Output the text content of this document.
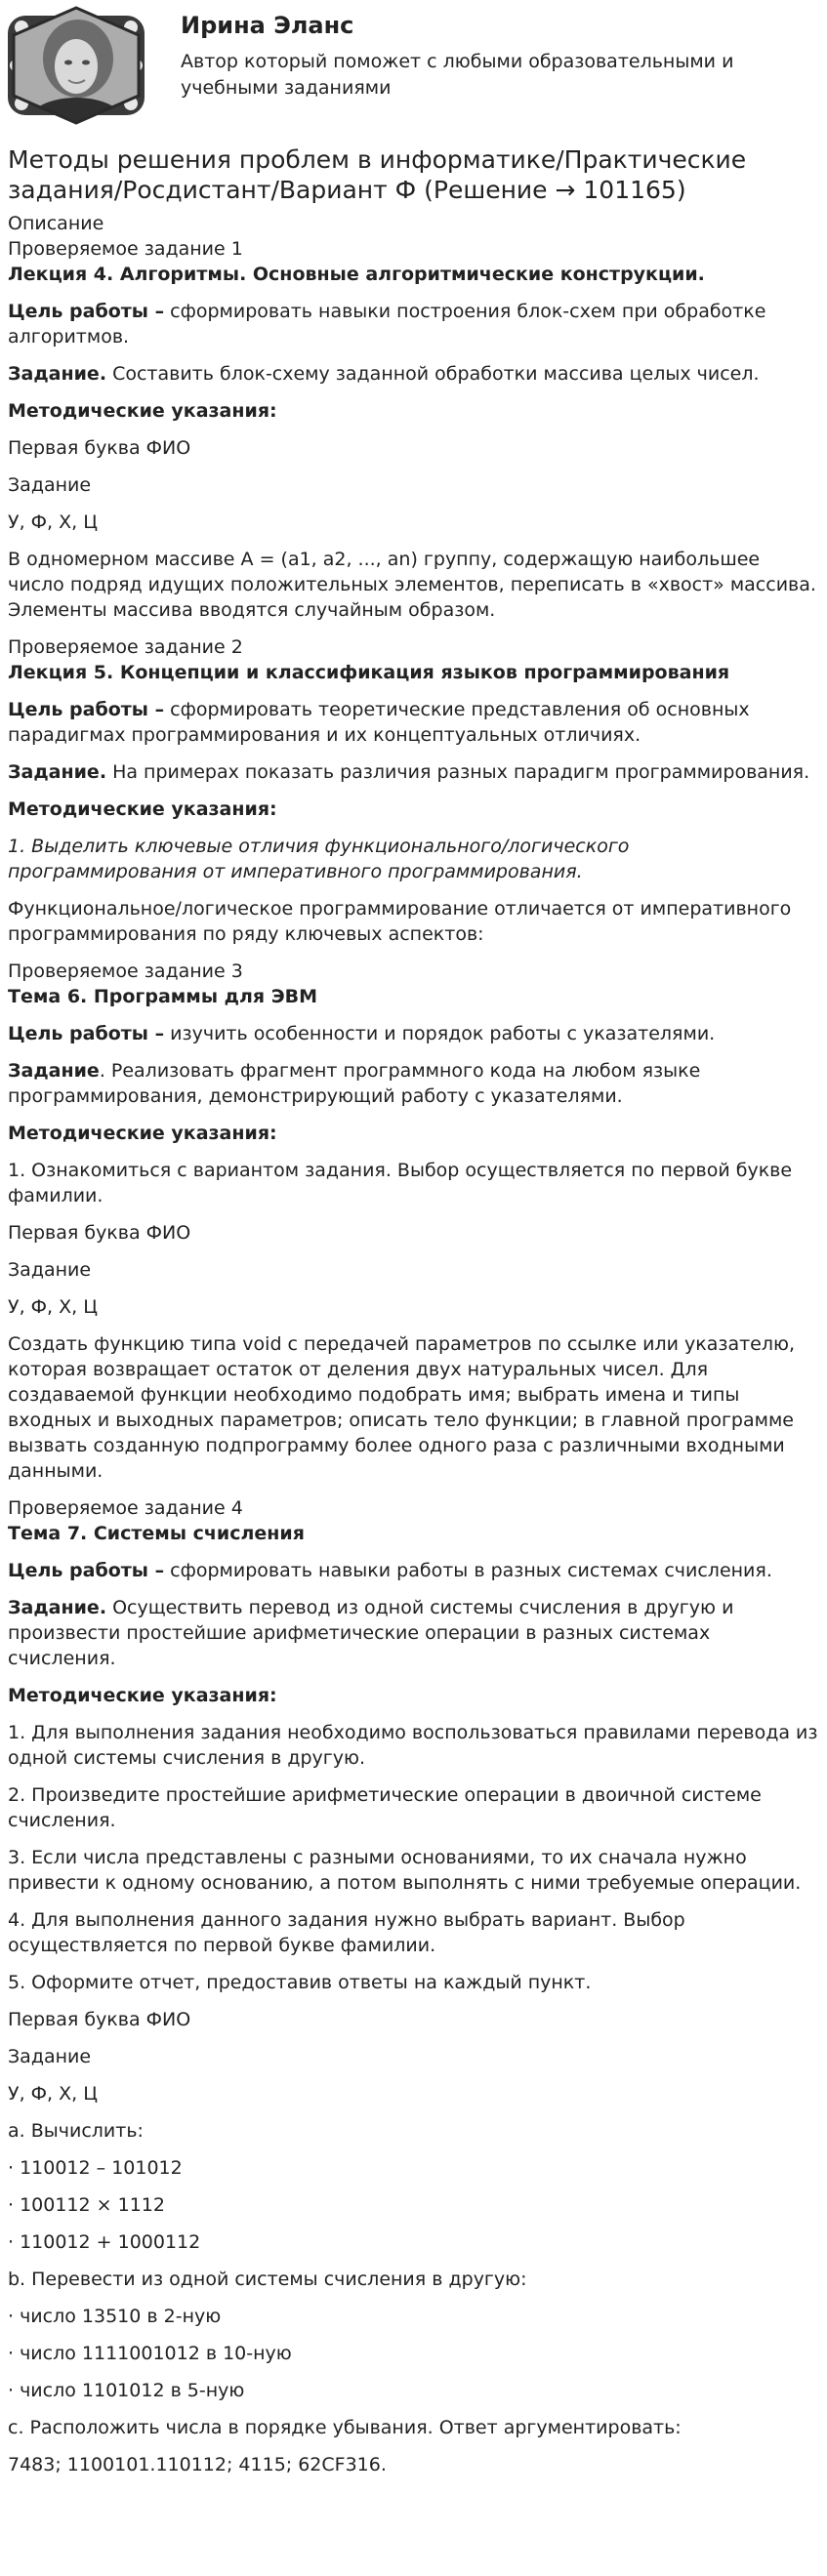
Ирина Эланс
Автор который поможет с любыми образовательными и учебными заданиями
Методы решения проблем в информатике/Практические задания/Росдистант/Вариант Ф (Решение → 101165)

Описание

Проверяемое задание 1

Лекция 4. Алгоритмы. Основные алгоритмические конструкции.

Цель работы – сформировать навыки построения блок-схем при обработке алгоритмов.

Задание. Составить блок-схему заданной обработки массива целых чисел.

Методические указания:

Первая буква ФИО

Задание

У, Ф, Х, Ц

В одномерном массиве A = (a1, a2, ..., an) группу, содержащую наибольшее число подряд идущих положительных элементов, переписать в «хвост» массива. Элементы массива вводятся случайным образом.

Проверяемое задание 2

Лекция 5. Концепции и классификация языков программирования

Цель работы – сформировать теоретические представления об основных парадигмах программирования и их концептуальных отличиях.

Задание. На примерах показать различия разных парадигм программирования.

Методические указания:

1. Выделить ключевые отличия функционального/логического программирования от императивного программирования.

Функциональное/логическое программирование отличается от императивного программирования по ряду ключевых аспектов:

Проверяемое задание 3

Тема 6. Программы для ЭВМ

Цель работы – изучить особенности и порядок работы с указателями.

Задание. Реализовать фрагмент программного кода на любом языке программирования, демонстрирующий работу с указателями.

Методические указания:

1. Ознакомиться с вариантом задания. Выбор осуществляется по первой букве фамилии.

Первая буква ФИО

Задание

У, Ф, Х, Ц

Создать функцию типа void с передачей параметров по ссылке или указателю, которая возвращает остаток от деления двух натуральных чисел. Для создаваемой функции необходимо подобрать имя; выбрать имена и типы входных и выходных параметров; описать тело функции; в главной программе вызвать созданную подпрограмму более одного раза с различными входными данными.

Проверяемое задание 4

Тема 7. Системы счисления

Цель работы – сформировать навыки работы в разных системах счисления.

Задание. Осуществить перевод из одной системы счисления в другую и произвести простейшие арифметические операции в разных системах счисления.

Методические указания:

1. Для выполнения задания необходимо воспользоваться правилами перевода из одной системы счисления в другую.

2. Произведите простейшие арифметические операции в двоичной системе счисления.

3. Если числа представлены с разными основаниями, то их сначала нужно привести к одному основанию, а потом выполнять с ними требуемые операции.

4. Для выполнения данного задания нужно выбрать вариант. Выбор осуществляется по первой букве фамилии.

5. Оформите отчет, предоставив ответы на каждый пункт.

Первая буква ФИО

Задание

У, Ф, Х, Ц

a. Вычислить:

· 110012 – 101012

· 100112 × 1112

· 110012 + 1000112

b. Перевести из одной системы счисления в другую:

· число 13510 в 2-ную

· число 1111001012 в 10-ную

· число 1101012 в 5-ную

c. Расположить числа в порядке убывания. Ответ аргументировать:

7483; 1100101.110112; 4115; 62CF316.
